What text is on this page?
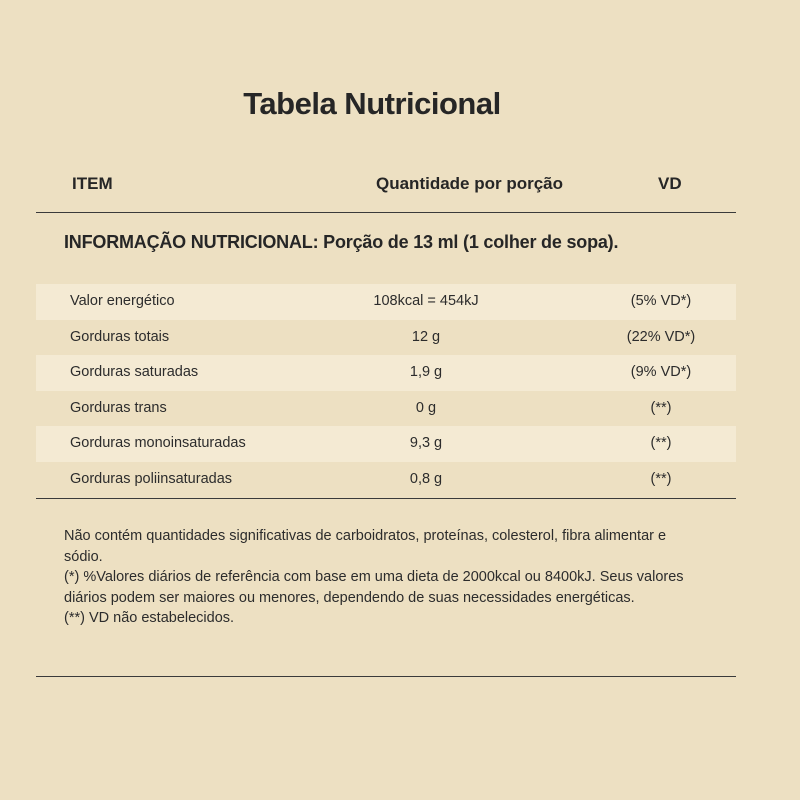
Tabela Nutricional
ITEM	Quantidade por porção	VD
INFORMAÇÃO NUTRICIONAL: Porção de 13 ml (1 colher de sopa).
Valor energético	108kcal = 454kJ	(5% VD*)
Gorduras totais	12 g	(22% VD*)
Gorduras saturadas	1,9 g	(9% VD*)
Gorduras trans	0 g	(**)
Gorduras monoinsaturadas	9,3 g	(**)
Gorduras poliinsaturadas	0,8 g	(**)

Não contém quantidades significativas de carboidratos, proteínas, colesterol, fibra alimentar e sódio.

(*) %Valores diários de referência com base em uma dieta de 2000kcal ou 8400kJ. Seus valores diários podem ser maiores ou menores, dependendo de suas necessidades energéticas.

(**) VD não estabelecidos.
